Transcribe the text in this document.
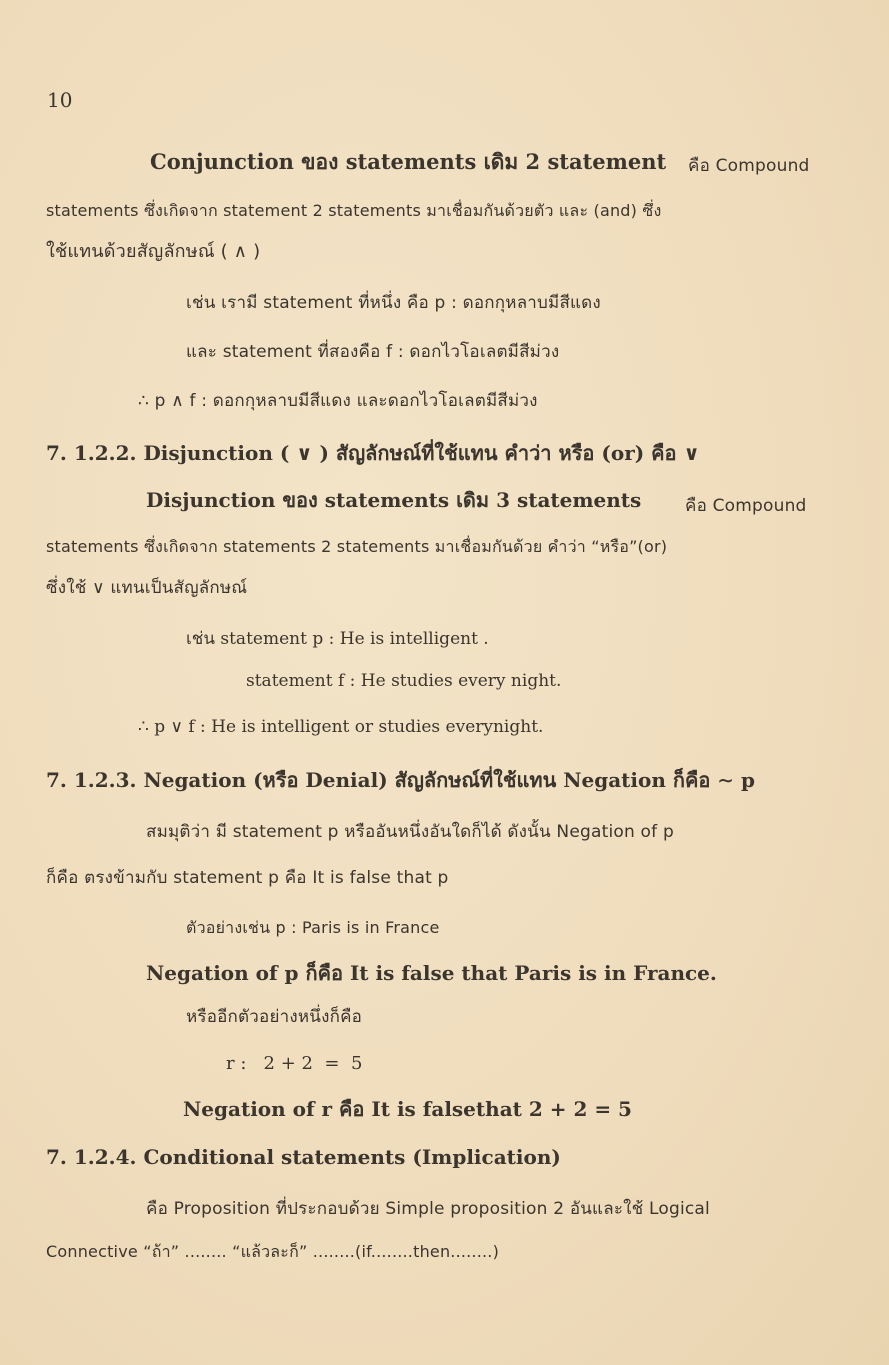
10
Conjunction ของ statements เดิม 2 statement คือ Compound
statements ซึ่งเกิดจาก statement 2 statements มาเชื่อมกันด้วยตัว และ (and) ซึ่ง
ใช้แทนด้วยสัญลักษณ์ ( ∧ )
เช่น เรามี statement ที่หนึ่ง คือ p : ดอกกุหลาบมีสีแดง
และ statement ที่สองคือ f : ดอกไวโอเลตมีสีม่วง
∴ p ∧ f : ดอกกุหลาบมีสีแดง และดอกไวโอเลตมีสีม่วง
7. 1.2.2. Disjunction ( ∨ ) สัญลักษณ์ที่ใช้แทน คำว่า หรือ (or) คือ ∨
Disjunction ของ statements เดิม 3 statements	คือ Compound
statements ซึ่งเกิดจาก statements 2 statements มาเชื่อมกันด้วย คำว่า “หรือ”(or)
ซึ่งใช้ ∨ แทนเป็นสัญลักษณ์
เช่น statement p : He is intelligent .
statement f : He studies every night.
∴ p ∨ f : He is intelligent or studies everynight.
7. 1.2.3. Negation (หรือ Denial) สัญลักษณ์ที่ใช้แทน Negation ก็คือ ∼ p
สมมุติว่า มี statement p หรืออันหนึ่งอันใดก็ได้ ดังนั้น Negation of p
ก็คือ ตรงข้ามกับ statement p คือ It is false that p
ตัวอย่างเช่น p : Paris is in France
Negation of p ก็คือ It is false that Paris is in France.
หรืออีกตัวอย่างหนึ่งก็คือ
r :   2 + 2  =  5
Negation of r คือ It is falsethat 2 + 2 = 5
7. 1.2.4. Conditional statements (Implication)
คือ Proposition ที่ประกอบด้วย Simple proposition 2 อันและใช้ Logical
Connective “ถ้า” ........ “แล้วละก็” ........(if........then........)
